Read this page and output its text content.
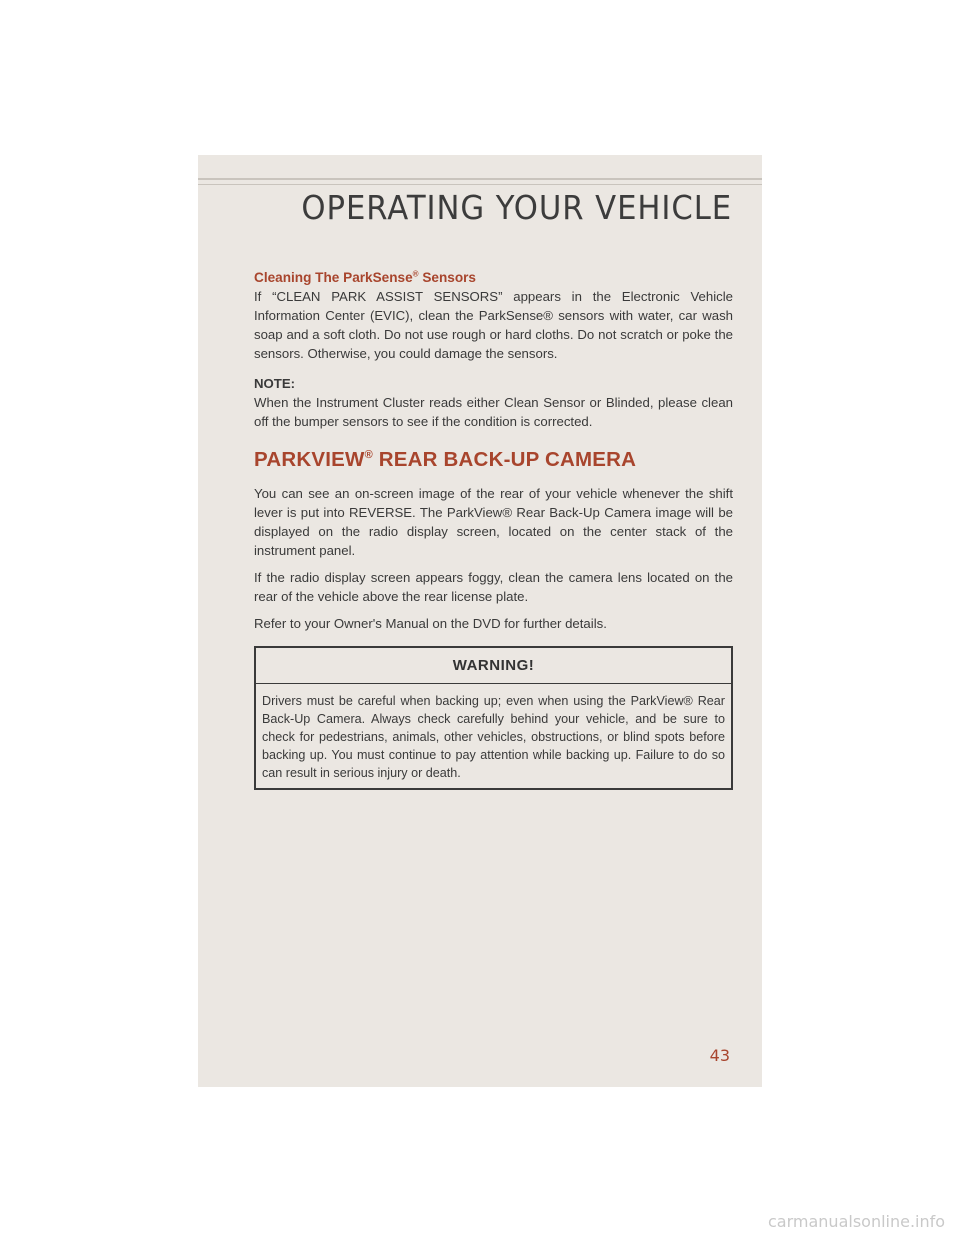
OPERATING YOUR VEHICLE

Cleaning The ParkSense® Sensors

If “CLEAN PARK ASSIST SENSORS” appears in the Electronic Vehicle Information Center (EVIC), clean the ParkSense® sensors with water, car wash soap and a soft cloth. Do not use rough or hard cloths. Do not scratch or poke the sensors. Otherwise, you could damage the sensors.

NOTE:

When the Instrument Cluster reads either Clean Sensor or Blinded, please clean off the bumper sensors to see if the condition is corrected.

PARKVIEW® REAR BACK-UP CAMERA

You can see an on-screen image of the rear of your vehicle whenever the shift lever is put into REVERSE. The ParkView® Rear Back-Up Camera image will be displayed on the radio display screen, located on the center stack of the instrument panel.

If the radio display screen appears foggy, clean the camera lens located on the rear of the vehicle above the rear license plate.

Refer to your Owner's Manual on the DVD for further details.

WARNING!
Drivers must be careful when backing up; even when using the ParkView® Rear Back-Up Camera. Always check carefully behind your vehicle, and be sure to check for pedestrians, animals, other vehicles, obstructions, or blind spots before backing up. You must continue to pay attention while backing up. Failure to do so can result in serious injury or death.
43
carmanualsonline.info
